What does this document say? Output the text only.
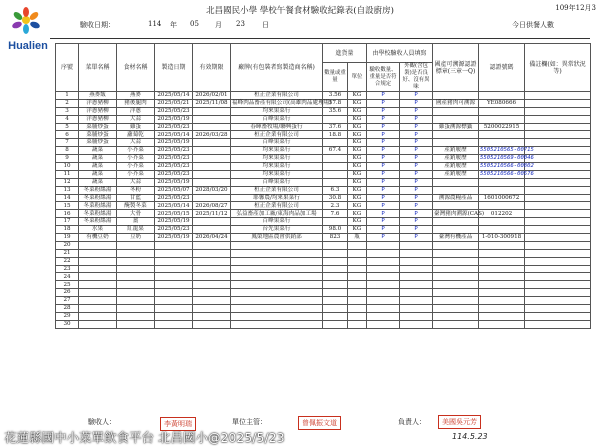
Hualien
109年12月3
北昌國民小學 學校午餐食材驗收紀錄表(自設廚房)
驗收日期：	114 年 05 月 23 日	今日供餐人數
序號	菜單名稱	食材名稱	製造日期	有效期限	廠牌(有包裝者寫製造商名稱)	進貨量		由學校驗收人員填寫		國產可溯源認證標章(三章一Q)	認證號碼	備註欄(如：異常狀況等)
						數量或重量	單位	驗收數量、重量是否符合規定	外觀(含包裝)是否良好、沒有異味			
1	燕麥飯	燕麥	2025/05/14	2026/02/01	桓正企業有限公司	3.56	KG	P	P			
2	洋蔥豬柳	豬後腿肉	2025/05/21	2025/11/08	福峰肉品畜產有限公司(高雄肉品處理場)	57.8	KG	P	P	國產豬肉可溯源	YE080666	
3	洋蔥豬柳	洋蔥	2025/05/23		均來果菜行	35.6	KG	P	P			
4	洋蔥豬柳	大蒜	2025/05/19		百峰果菜行		KG	P	P			
5	菜脯炒蛋	雞蛋	2025/05/23		春暉畜牧場/聯興蛋行	37.6	KG	P	P	雞蛋溯源標籤	5200022915	
6	菜脯炒蛋	蘿蔔乾	2025/05/14	2026/03/28	桓正企業有限公司	18.8	KG	P	P			
7	菜脯炒蛋	大蒜	2025/05/19		百峰果菜行		KG	P	P			
8	蔬菜	小芥菜	2025/05/23		均來果菜行	67.4	KG	P	P	產銷履歷	5505210565-00715	
9	蔬菜	小芥菜	2025/05/23		均來果菜行		KG	P	P	產銷履歷	5505210569-00046	
10	蔬菜	小芥菜	2025/05/23		均來果菜行		KG	P	P	產銷履歷	5505210566-00802	
11	蔬菜	小芥菜	2025/05/23		均來果菜行		KG	P	P	產銷履歷	5505210566-00576	
12	蔬菜	大蒜	2025/05/19		百峰果菜行		KG	P	P			
13	冬菜粉絲湯	冬粉	2025/05/07	2028/03/20	桓正企業有限公司	6.3	KG	P	P			
14	冬菜粉絲湯	甘藍	2025/05/23		耶馨農/均來果菜行	30.8	KG	P	P	溯源農糧產品	1601000672	
15	冬菜粉絲湯	醃製冬菜	2025/05/14	2026/08/27	桓正企業有限公司	2.3	KG	P	P			
16	冬菜粉絲湯	大骨	2025/05/15	2025/11/12	弘益畜產加工廠/東海肉品加工場	7.6	KG	P	P	臺灣豬肉溯源(CAS)	012202	
17	冬菜粉絲湯	薑	2025/05/19		百峰果菜行		KG	P	P			
18	水果	紅龍果	2025/05/23		台先果菜行	98.0	KG	P	P			
19	有機豆奶	豆奶	2025/05/19	2026/04/24	鳳榮地區農會供銷部	823	瓶	P	P	臺灣有機產品	1-010-300918	
20												
21												
22												
23												
24												
25												
26												
27												
28												
29												
30												
驗收人：	李黃明瑞	單位主管：	曾佩振文道	負責人：	美國吳元芳
114.5.23
花蓮縣國中小菜單飲食平台 北昌國小@2025/5/23
